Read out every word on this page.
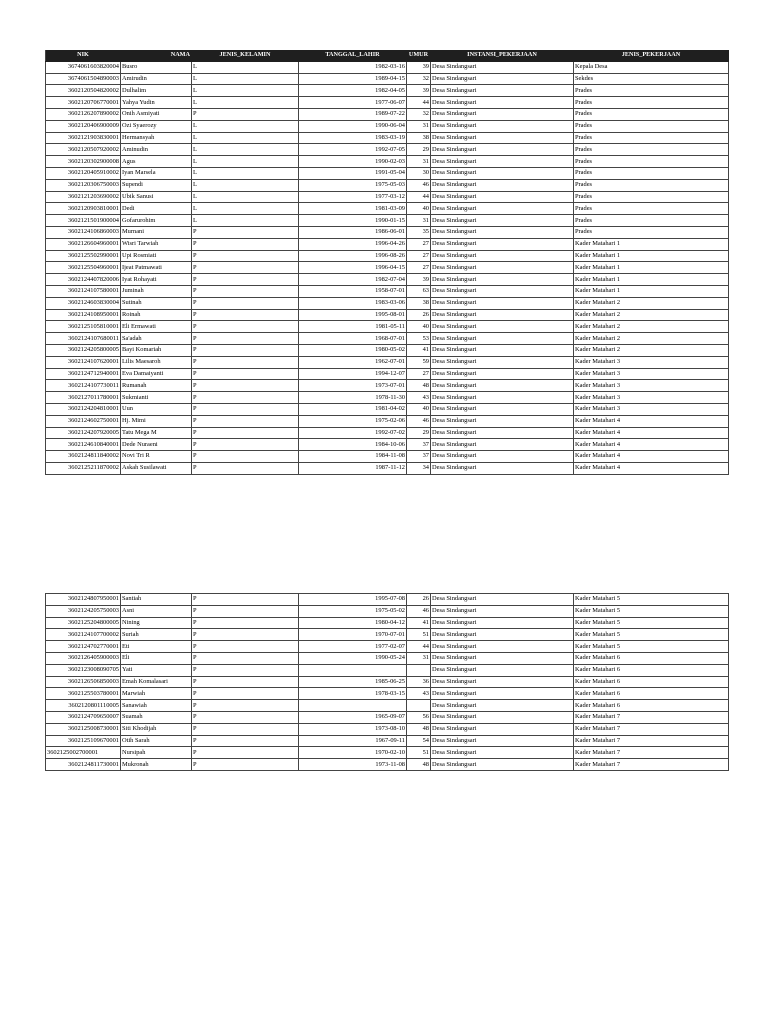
NIK	NAMA	JENIS_KELAMIN	TANGGAL_LAHIR	UMUR	INSTANSI_PEKERJAAN	JENIS_PEKERJAAN
3674061603820004	Busro	L	1982-03-16	39	Desa Sindangsari	Kepala Desa
3674061504890003	Amirudin	L	1989-04-15	32	Desa Sindangsari	Sekdes
3602120504820002	Dulhalim	L	1982-04-05	39	Desa Sindangsari	Prades
3602120706770001	Yahya Yudin	L	1977-06-07	44	Desa Sindangsari	Prades
3602126207890002	Onih Asmiyati	P	1989-07-22	32	Desa Sindangsari	Prades
3602120406900009	Ozi Syaerozy	L	1990-06-04	31	Desa Sindangsari	Prades
3602121903830001	Hermansyah	L	1983-03-19	38	Desa Sindangsari	Prades
3602120507920002	Aminudin	L	1992-07-05	29	Desa Sindangsari	Prades
3602120302900008	Agus	L	1990-02-03	31	Desa Sindangsari	Prades
3602120405910002	Iyan Marsela	L	1991-05-04	30	Desa Sindangsari	Prades
3602120306750003	Supendi	L	1975-05-03	46	Desa Sindangsari	Prades
3602121203690002	Ubik Sanusi	L	1977-03-12	44	Desa Sindangsari	Prades
3602120903810001	Dedi	L	1981-03-09	40	Desa Sindangsari	Prades
3602121501900004	Gofarurohim	L	1990-01-15	31	Desa Sindangsari	Prades
3602124106860003	Murnani	P	1986-06-01	35	Desa Sindangsari	Prades
3602126604960001	Wisri Tarwiah	P	1996-04-26	27	Desa Sindangsari	Kader Matahari 1
3602125502990001	Upi Rosmiati	P	1996-08-26	27	Desa Sindangsari	Kader Matahari 1
3602125504960001	Ijeat Patmawati	P	1996-04-15	27	Desa Sindangsari	Kader Matahari 1
3602124407820006	Iyat Rohayati	P	1982-07-04	39	Desa Sindangsari	Kader Matahari 1
3602124107580001	Juminah	P	1958-07-01	63	Desa Sindangsari	Kader Matahari 1
3602124603830004	Sutinah	P	1983-03-06	38	Desa Sindangsari	Kader Matahari 2
3602124108950001	Roinah	P	1995-08-01	26	Desa Sindangsari	Kader Matahari 2
3602125105810001	Eli Ermawati	P	1981-05-11	40	Desa Sindangsari	Kader Matahari 2
3602124107680011	Sa'adah	P	1968-07-01	53	Desa Sindangsari	Kader Matahari 2
3602124205800005	Bayi Komariah	P	1980-05-02	41	Desa Sindangsari	Kader Matahari 2
3602124107620001	Lilis Maesaroh	P	1962-07-01	59	Desa Sindangsari	Kader Matahari 3
3602124712940001	Eva Damaiyanti	P	1994-12-07	27	Desa Sindangsari	Kader Matahari 3
3602124107730011	Rumanah	P	1973-07-01	48	Desa Sindangsari	Kader Matahari 3
3602127011780001	Sukmianti	P	1978-11-30	43	Desa Sindangsari	Kader Matahari 3
3602124204810001	Uun	P	1981-04-02	40	Desa Sindangsari	Kader Matahari 3
3602124602750001	Hj. Mimi	P	1975-02-06	46	Desa Sindangsari	Kader Matahari 4
3602124207920005	Tatu Mega M	P	1992-07-02	29	Desa Sindangsari	Kader Matahari 4
3602124610840001	Dede Nuraeni	P	1984-10-06	37	Desa Sindangsari	Kader Matahari 4
3602124811840002	Novi Tri R	P	1984-11-08	37	Desa Sindangsari	Kader Matahari 4
3602125211870002	Askah Susilawati	P	1987-11-12	34	Desa Sindangsari	Kader Matahari 4
3602124807950001	Santiah	P	1995-07-08	26	Desa Sindangsari	Kader Matahari 5
3602124205750003	Asni	P	1975-05-02	46	Desa Sindangsari	Kader Matahari 5
3602125204800005	Nining	P	1980-04-12	41	Desa Sindangsari	Kader Matahari 5
3602124107700002	Suriah	P	1970-07-01	51	Desa Sindangsari	Kader Matahari 5
3602124702770001	Eti	P	1977-02-07	44	Desa Sindangsari	Kader Matahari 5
3602126405900003	Eli	P	1990-05-24	31	Desa Sindangsari	Kader Matahari 6
3602123008090705	Yati	P			Desa Sindangsari	Kader Matahari 6
3602126506850003	Emah Komalasari	P	1985-06-25	36	Desa Sindangsari	Kader Matahari 6
3602125503780001	Marwiah	P	1978-03-15	43	Desa Sindangsari	Kader Matahari 6
3602120801110005	Sanawiah	P			Desa Sindangsari	Kader Matahari 6
3602124709650007	Suamah	P	1965-09-07	56	Desa Sindangsari	Kader Matahari 7
3602125008730001	Siti Khodijah	P	1973-08-10	48	Desa Sindangsari	Kader Matahari 7
3602125109670001	Otih Sarah	P	1967-09-11	54	Desa Sindangsari	Kader Matahari 7
3602125002700001	Nursipah	P	1970-02-10	51	Desa Sindangsari	Kader Matahari 7
3602124811730001	Mukronah	P	1973-11-08	48	Desa Sindangsari	Kader Matahari 7
